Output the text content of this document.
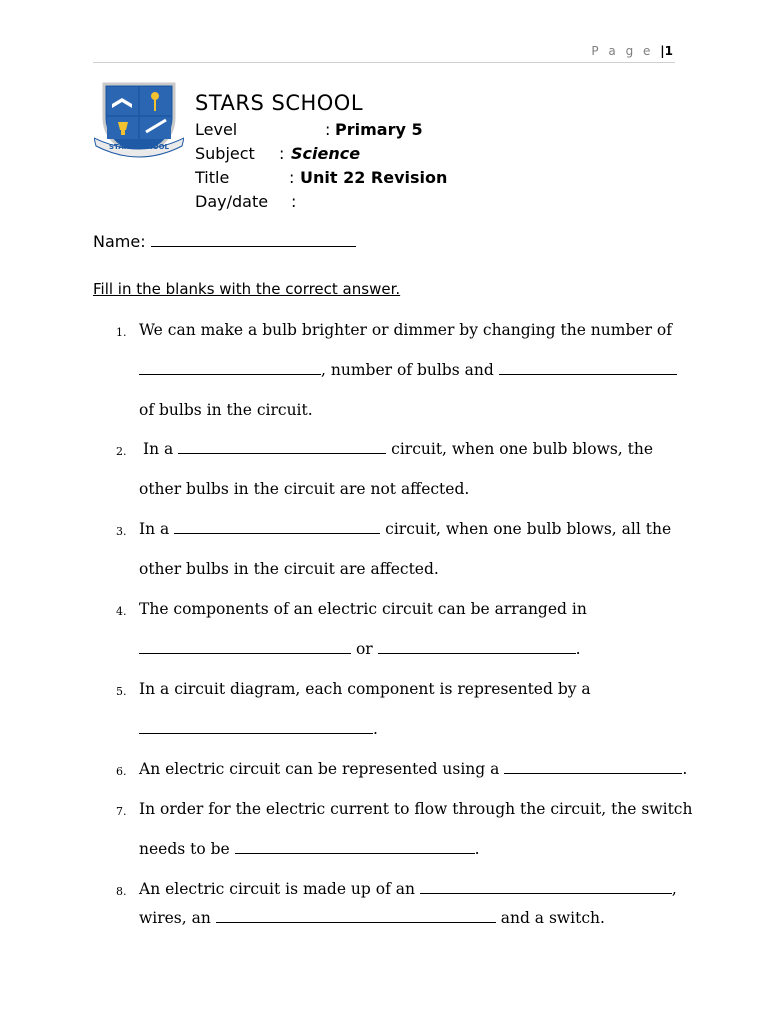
P a g e |1
STARS SCHOOL
STARS SCHOOL
Level	: Primary 5
Subject : Science
Title	: Unit 22 Revision
Day/date :
Name:
Fill in the blanks with the correct answer.
1. We can make a bulb brighter or dimmer by changing the number of
, number of bulbs and
of bulbs in the circuit.
2. In a	circuit, when one bulb blows, the
other bulbs in the circuit are not affected.
3. In a	circuit, when one bulb blows, all the
other bulbs in the circuit are affected.
4. The components of an electric circuit can be arranged in
or	.
5. In a circuit diagram, each component is represented by a
.
6. An electric circuit can be represented using a	.
7. In order for the electric current to flow through the circuit, the switch
needs to be	.
8. An electric circuit is made up of an	,
wires, an	and a switch.
